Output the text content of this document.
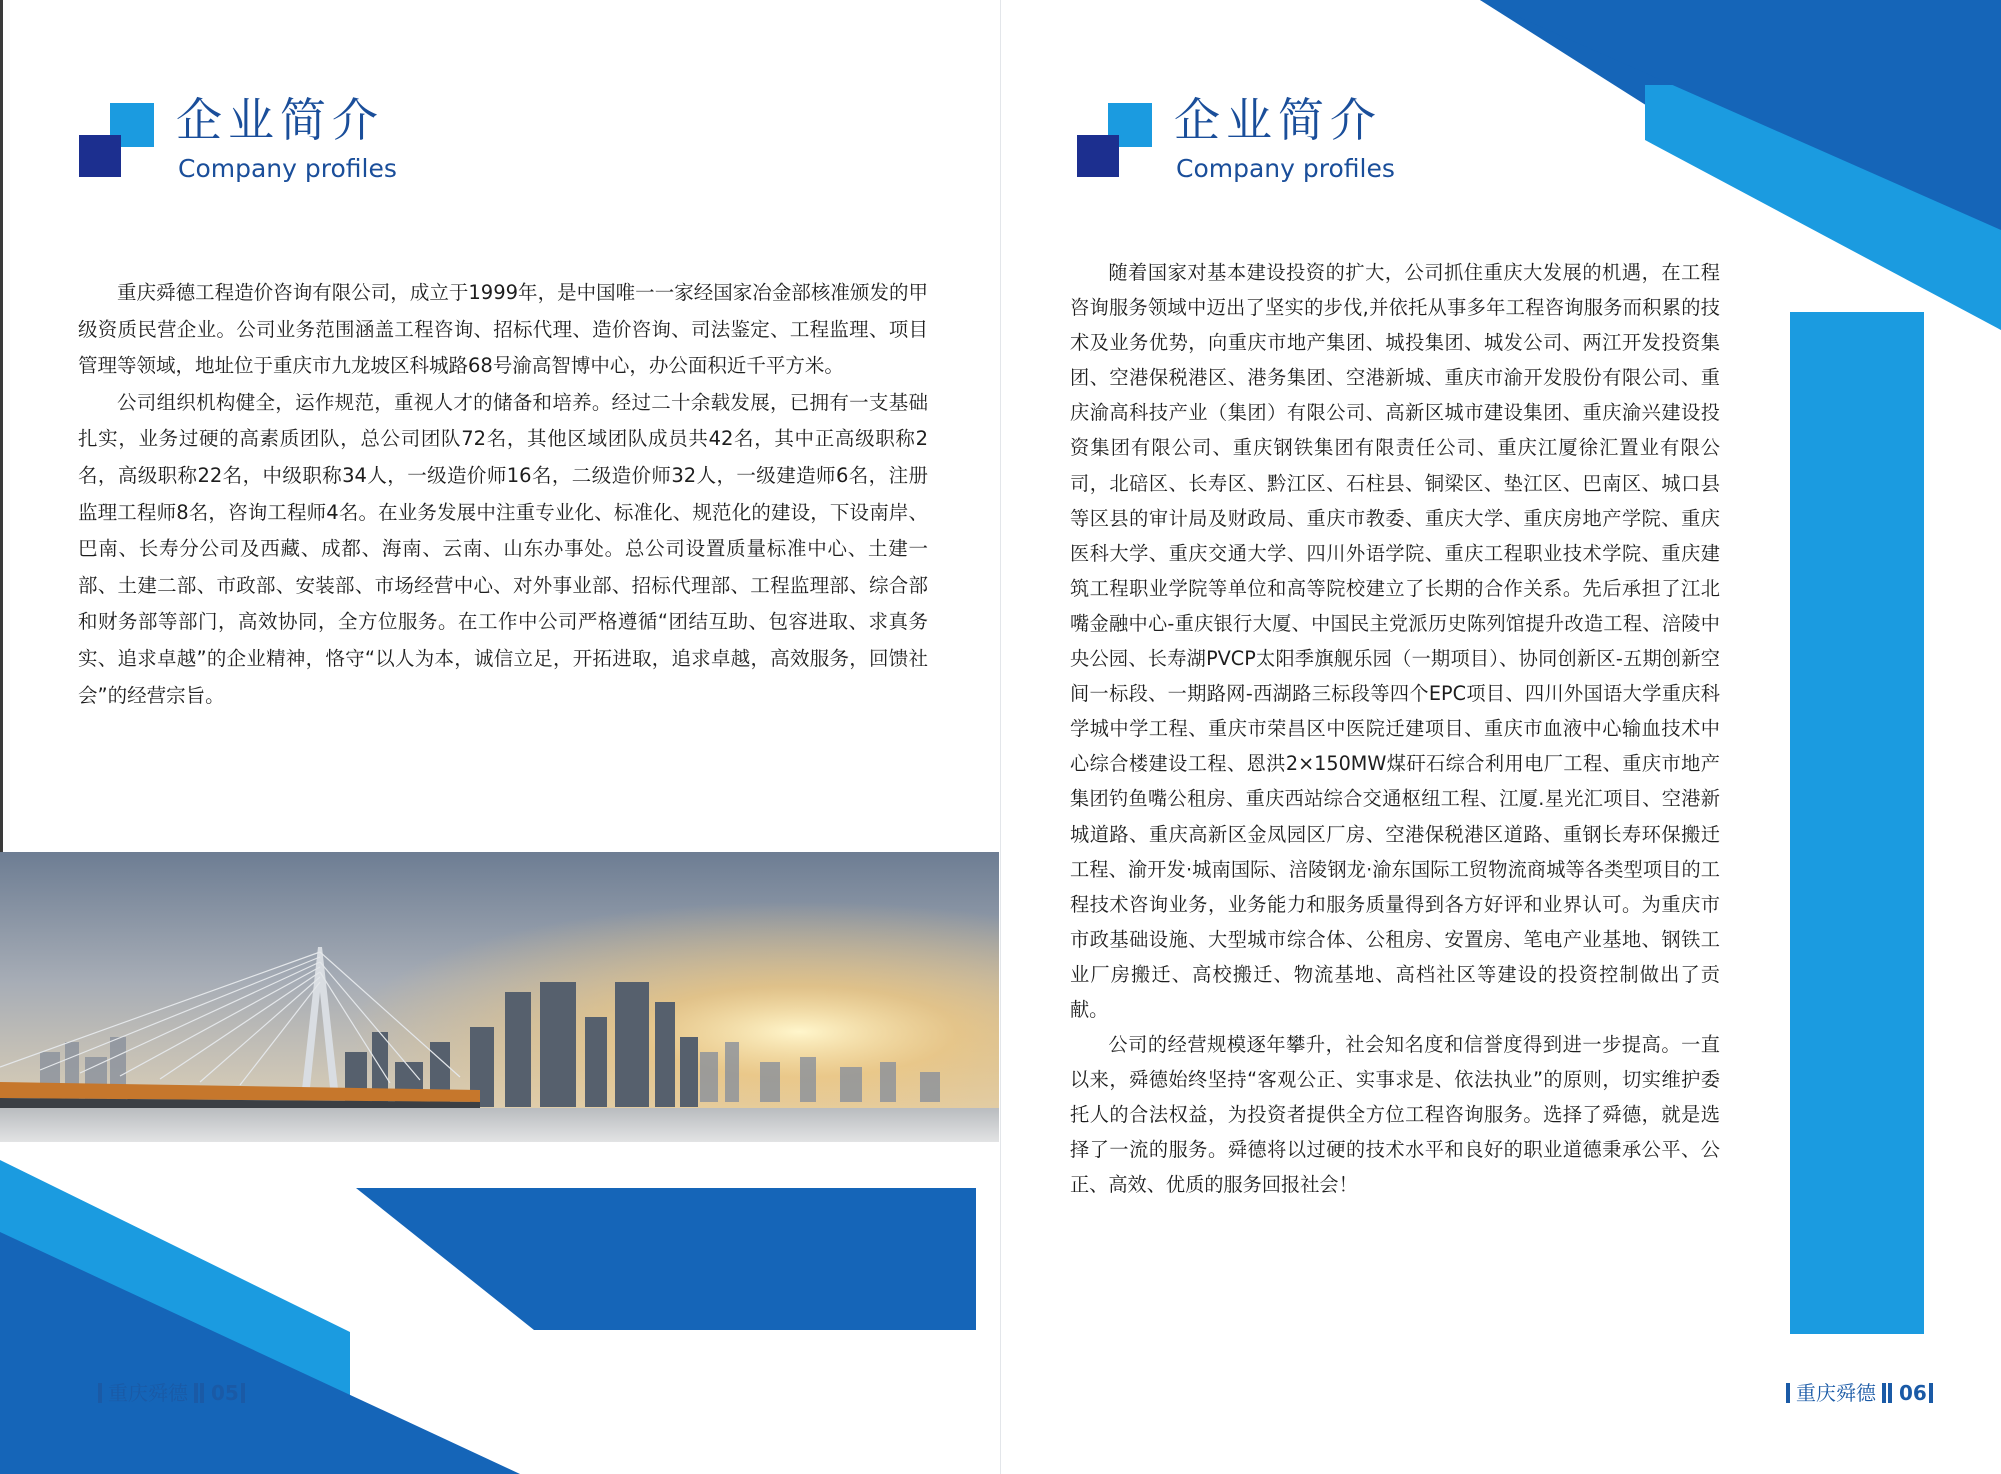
企业简介
Company profiles

重庆舜德工程造价咨询有限公司，成立于1999年，是中国唯一一家经国家冶金部核准颁发的甲级资质民营企业。公司业务范围涵盖工程咨询、招标代理、造价咨询、司法鉴定、工程监理、项目管理等领域，地址位于重庆市九龙坡区科城路68号渝高智博中心，办公面积近千平方米。

公司组织机构健全，运作规范，重视人才的储备和培养。经过二十余载发展，已拥有一支基础扎实，业务过硬的高素质团队，总公司团队72名，其他区域团队成员共42名，其中正高级职称2名，高级职称22名，中级职称34人，一级造价师16名，二级造价师32人，一级建造师6名，注册监理工程师8名，咨询工程师4名。在业务发展中注重专业化、标准化、规范化的建设，下设南岸、巴南、长寿分公司及西藏、成都、海南、云南、山东办事处。总公司设置质量标准中心、土建一部、土建二部、市政部、安装部、市场经营中心、对外事业部、招标代理部、工程监理部、综合部和财务部等部门，高效协同，全方位服务。在工作中公司严格遵循“团结互助、包容进取、求真务实、追求卓越”的企业精神，恪守“以人为本，诚信立足，开拓进取，追求卓越，高效服务，回馈社会”的经营宗旨。

重庆舜德 05
企业简介
Company profiles

随着国家对基本建设投资的扩大，公司抓住重庆大发展的机遇，在工程咨询服务领域中迈出了坚实的步伐,并依托从事多年工程咨询服务而积累的技术及业务优势，向重庆市地产集团、城投集团、城发公司、两江开发投资集团、空港保税港区、港务集团、空港新城、重庆市渝开发股份有限公司、重庆渝高科技产业（集团）有限公司、高新区城市建设集团、重庆渝兴建设投资集团有限公司、重庆钢铁集团有限责任公司、重庆江厦徐汇置业有限公司，北碚区、长寿区、黔江区、石柱县、铜梁区、垫江区、巴南区、城口县等区县的审计局及财政局、重庆市教委、重庆大学、重庆房地产学院、重庆医科大学、重庆交通大学、四川外语学院、重庆工程职业技术学院、重庆建筑工程职业学院等单位和高等院校建立了长期的合作关系。先后承担了江北嘴金融中心-重庆银行大厦、中国民主党派历史陈列馆提升改造工程、涪陵中央公园、长寿湖PVCP太阳季旗舰乐园（一期项目）、协同创新区-五期创新空间一标段、一期路网-西湖路三标段等四个EPC项目、四川外国语大学重庆科学城中学工程、重庆市荣昌区中医院迁建项目、重庆市血液中心输血技术中心综合楼建设工程、恩洪2×150MW煤矸石综合利用电厂工程、重庆市地产集团钓鱼嘴公租房、重庆西站综合交通枢纽工程、江厦.星光汇项目、空港新城道路、重庆高新区金凤园区厂房、空港保税港区道路、重钢长寿环保搬迁工程、渝开发·城南国际、涪陵钢龙·渝东国际工贸物流商城等各类型项目的工程技术咨询业务，业务能力和服务质量得到各方好评和业界认可。为重庆市市政基础设施、大型城市综合体、公租房、安置房、笔电产业基地、钢铁工业厂房搬迁、高校搬迁、物流基地、高档社区等建设的投资控制做出了贡献。

公司的经营规模逐年攀升，社会知名度和信誉度得到进一步提高。一直以来，舜德始终坚持“客观公正、实事求是、依法执业”的原则，切实维护委托人的合法权益，为投资者提供全方位工程咨询服务。选择了舜德，就是选择了一流的服务。舜德将以过硬的技术水平和良好的职业道德秉承公平、公正、高效、优质的服务回报社会！

重庆舜德 06
